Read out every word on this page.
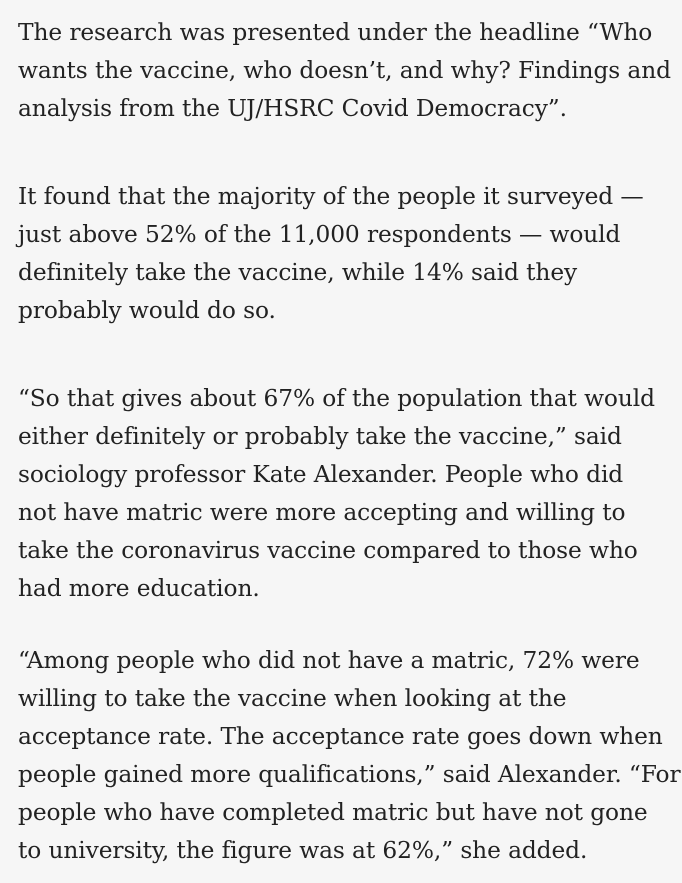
The research was presented under the headline “Who
wants the vaccine, who doesn’t, and why? Findings and
analysis from the UJ/HSRC Covid Democracy”.

It found that the majority of the people it surveyed —
just above 52% of the 11,000 respondents — would
definitely take the vaccine, while 14% said they
probably would do so.

“So that gives about 67% of the population that would
either definitely or probably take the vaccine,” said
sociology professor Kate Alexander. People who did
not have matric were more accepting and willing to
take the coronavirus vaccine compared to those who
had more education.

“Among people who did not have a matric, 72% were
willing to take the vaccine when looking at the
acceptance rate. The acceptance rate goes down when
people gained more qualifications,” said Alexander. “For
people who have completed matric but have not gone
to university, the figure was at 62%,” she added.
